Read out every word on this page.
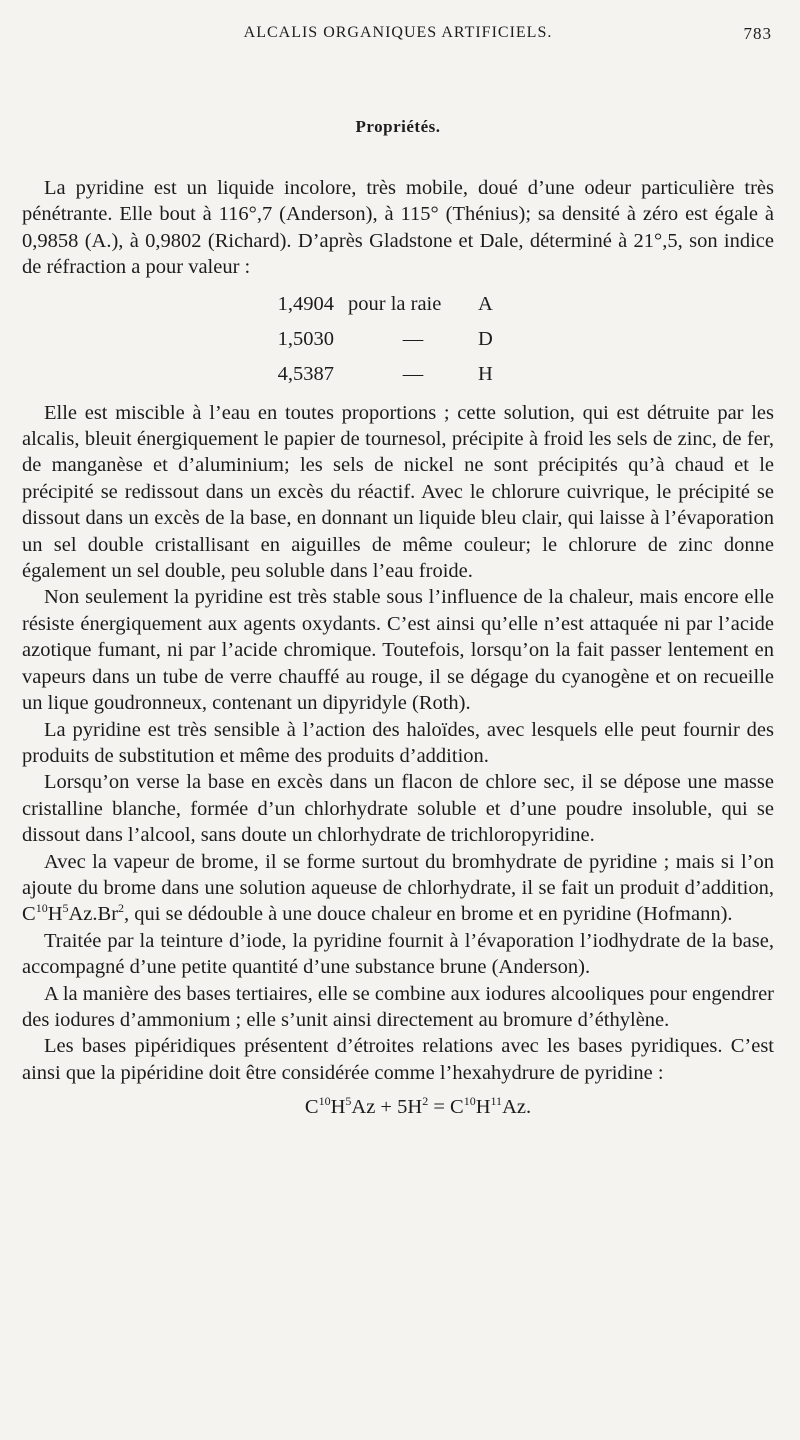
ALCALIS ORGANIQUES ARTIFICIELS.	783
Propriétés.

La pyridine est un liquide incolore, très mobile, doué d’une odeur particulière très pénétrante. Elle bout à 116°,7 (Anderson), à 115° (Thénius); sa densité à zéro est égale à 0,9858 (A.), à 0,9802 (Richard). D’après Gladstone et Dale, déterminé à 21°,5, son indice de réfraction a pour valeur :

1,4904 pour la raie	A
1,5030	—	D
4,5387	—	H

Elle est miscible à l’eau en toutes proportions ; cette solution, qui est détruite par les alcalis, bleuit énergiquement le papier de tournesol, précipite à froid les sels de zinc, de fer, de manganèse et d’aluminium; les sels de nickel ne sont précipités qu’à chaud et le précipité se redissout dans un excès du réactif. Avec le chlorure cuivrique, le précipité se dissout dans un excès de la base, en donnant un liquide bleu clair, qui laisse à l’évaporation un sel double cristallisant en aiguilles de même couleur; le chlorure de zinc donne également un sel double, peu soluble dans l’eau froide.

Non seulement la pyridine est très stable sous l’influence de la chaleur, mais encore elle résiste énergiquement aux agents oxydants. C’est ainsi qu’elle n’est attaquée ni par l’acide azotique fumant, ni par l’acide chromique. Toutefois, lorsqu’on la fait passer lentement en vapeurs dans un tube de verre chauffé au rouge, il se dégage du cyanogène et on recueille un lique goudronneux, contenant un dipyridyle (Roth).

La pyridine est très sensible à l’action des haloïdes, avec lesquels elle peut fournir des produits de substitution et même des produits d’addition.

Lorsqu’on verse la base en excès dans un flacon de chlore sec, il se dépose une masse cristalline blanche, formée d’un chlorhydrate soluble et d’une poudre insoluble, qui se dissout dans l’alcool, sans doute un chlorhydrate de trichloropyridine.

Avec la vapeur de brome, il se forme surtout du bromhydrate de pyridine ; mais si l’on ajoute du brome dans une solution aqueuse de chlorhydrate, il se fait un produit d’addition, $C^{10}H^5Az.Br^2$, qui se dédouble à une douce chaleur en brome et en pyridine (Hofmann).

Traitée par la teinture d’iode, la pyridine fournit à l’évaporation l’iodhydrate de la base, accompagné d’une petite quantité d’une substance brune (Anderson).

A la manière des bases tertiaires, elle se combine aux iodures alcooliques pour engendrer des iodures d’ammonium ; elle s’unit ainsi directement au bromure d’éthylène.

Les bases pipéridiques présentent d’étroites relations avec les bases pyridiques. C’est ainsi que la pipéridine doit être considérée comme l’hexahydrure de pyridine :

$C^{10}H^5Az + 5H^2 = C^{10}H^{11}Az$.
